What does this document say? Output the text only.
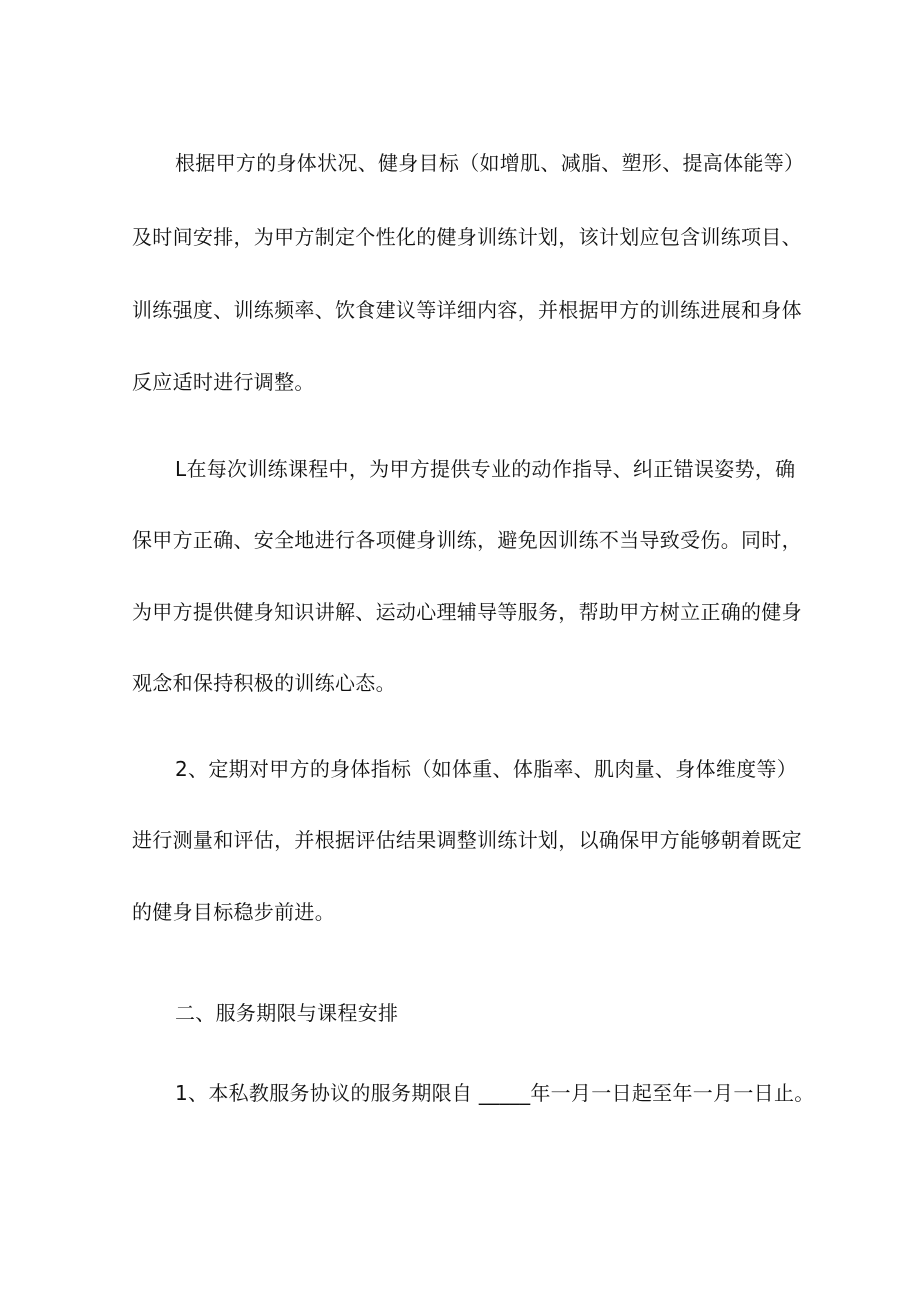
根据甲方的身体状况、健身目标（如增肌、减脂、塑形、提高体能等）
及时间安排，为甲方制定个性化的健身训练计划，该计划应包含训练项目、
训练强度、训练频率、饮食建议等详细内容，并根据甲方的训练进展和身体
反应适时进行调整。
L在每次训练课程中，为甲方提供专业的动作指导、纠正错误姿势，确
保甲方正确、安全地进行各项健身训练，避免因训练不当导致受伤。同时，
为甲方提供健身知识讲解、运动心理辅导等服务，帮助甲方树立正确的健身
观念和保持积极的训练心态。
2、定期对甲方的身体指标（如体重、体脂率、肌肉量、身体维度等）
进行测量和评估，并根据评估结果调整训练计划，以确保甲方能够朝着既定
的健身目标稳步前进。
二、服务期限与课程安排
1、本私教服务协议的服务期限自 _____年一月一日起至年一月一日止。
